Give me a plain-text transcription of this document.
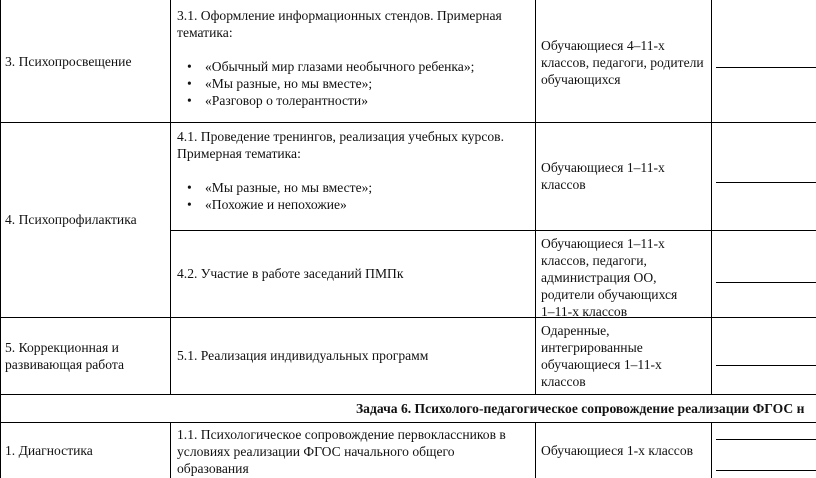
3. Психопросвещение
3.1. Оформление информационных стендов. Примерная тематика:
• «Обычный мир глазами необычного ребенка»;
• «Мы разные, но мы вместе»;
• «Разговор о толерантности»
Обучающиеся 4–11-х классов, педагоги, родители обучающихся
4. Психопрофилактика
4.1. Проведение тренингов, реализация учебных курсов. Примерная тематика:
• «Мы разные, но мы вместе»;
• «Похожие и непохожие»
Обучающиеся 1–11-х классов
4.2. Участие в работе заседаний ПМПк
Обучающиеся 1–11-х классов, педагоги, администрация ОО, родители обучающихся 1–11-х классов
5. Коррекционная и развивающая работа
5.1. Реализация индивидуальных программ
Одаренные, интегрированные обучающиеся 1–11-х классов
Задача 6. Психолого-педагогическое сопровождение реализации ФГОС н
1. Диагностика
1.1. Психологическое сопровождение первоклассников в условиях реализации ФГОС начального общего образования
Обучающиеся 1-х классов
